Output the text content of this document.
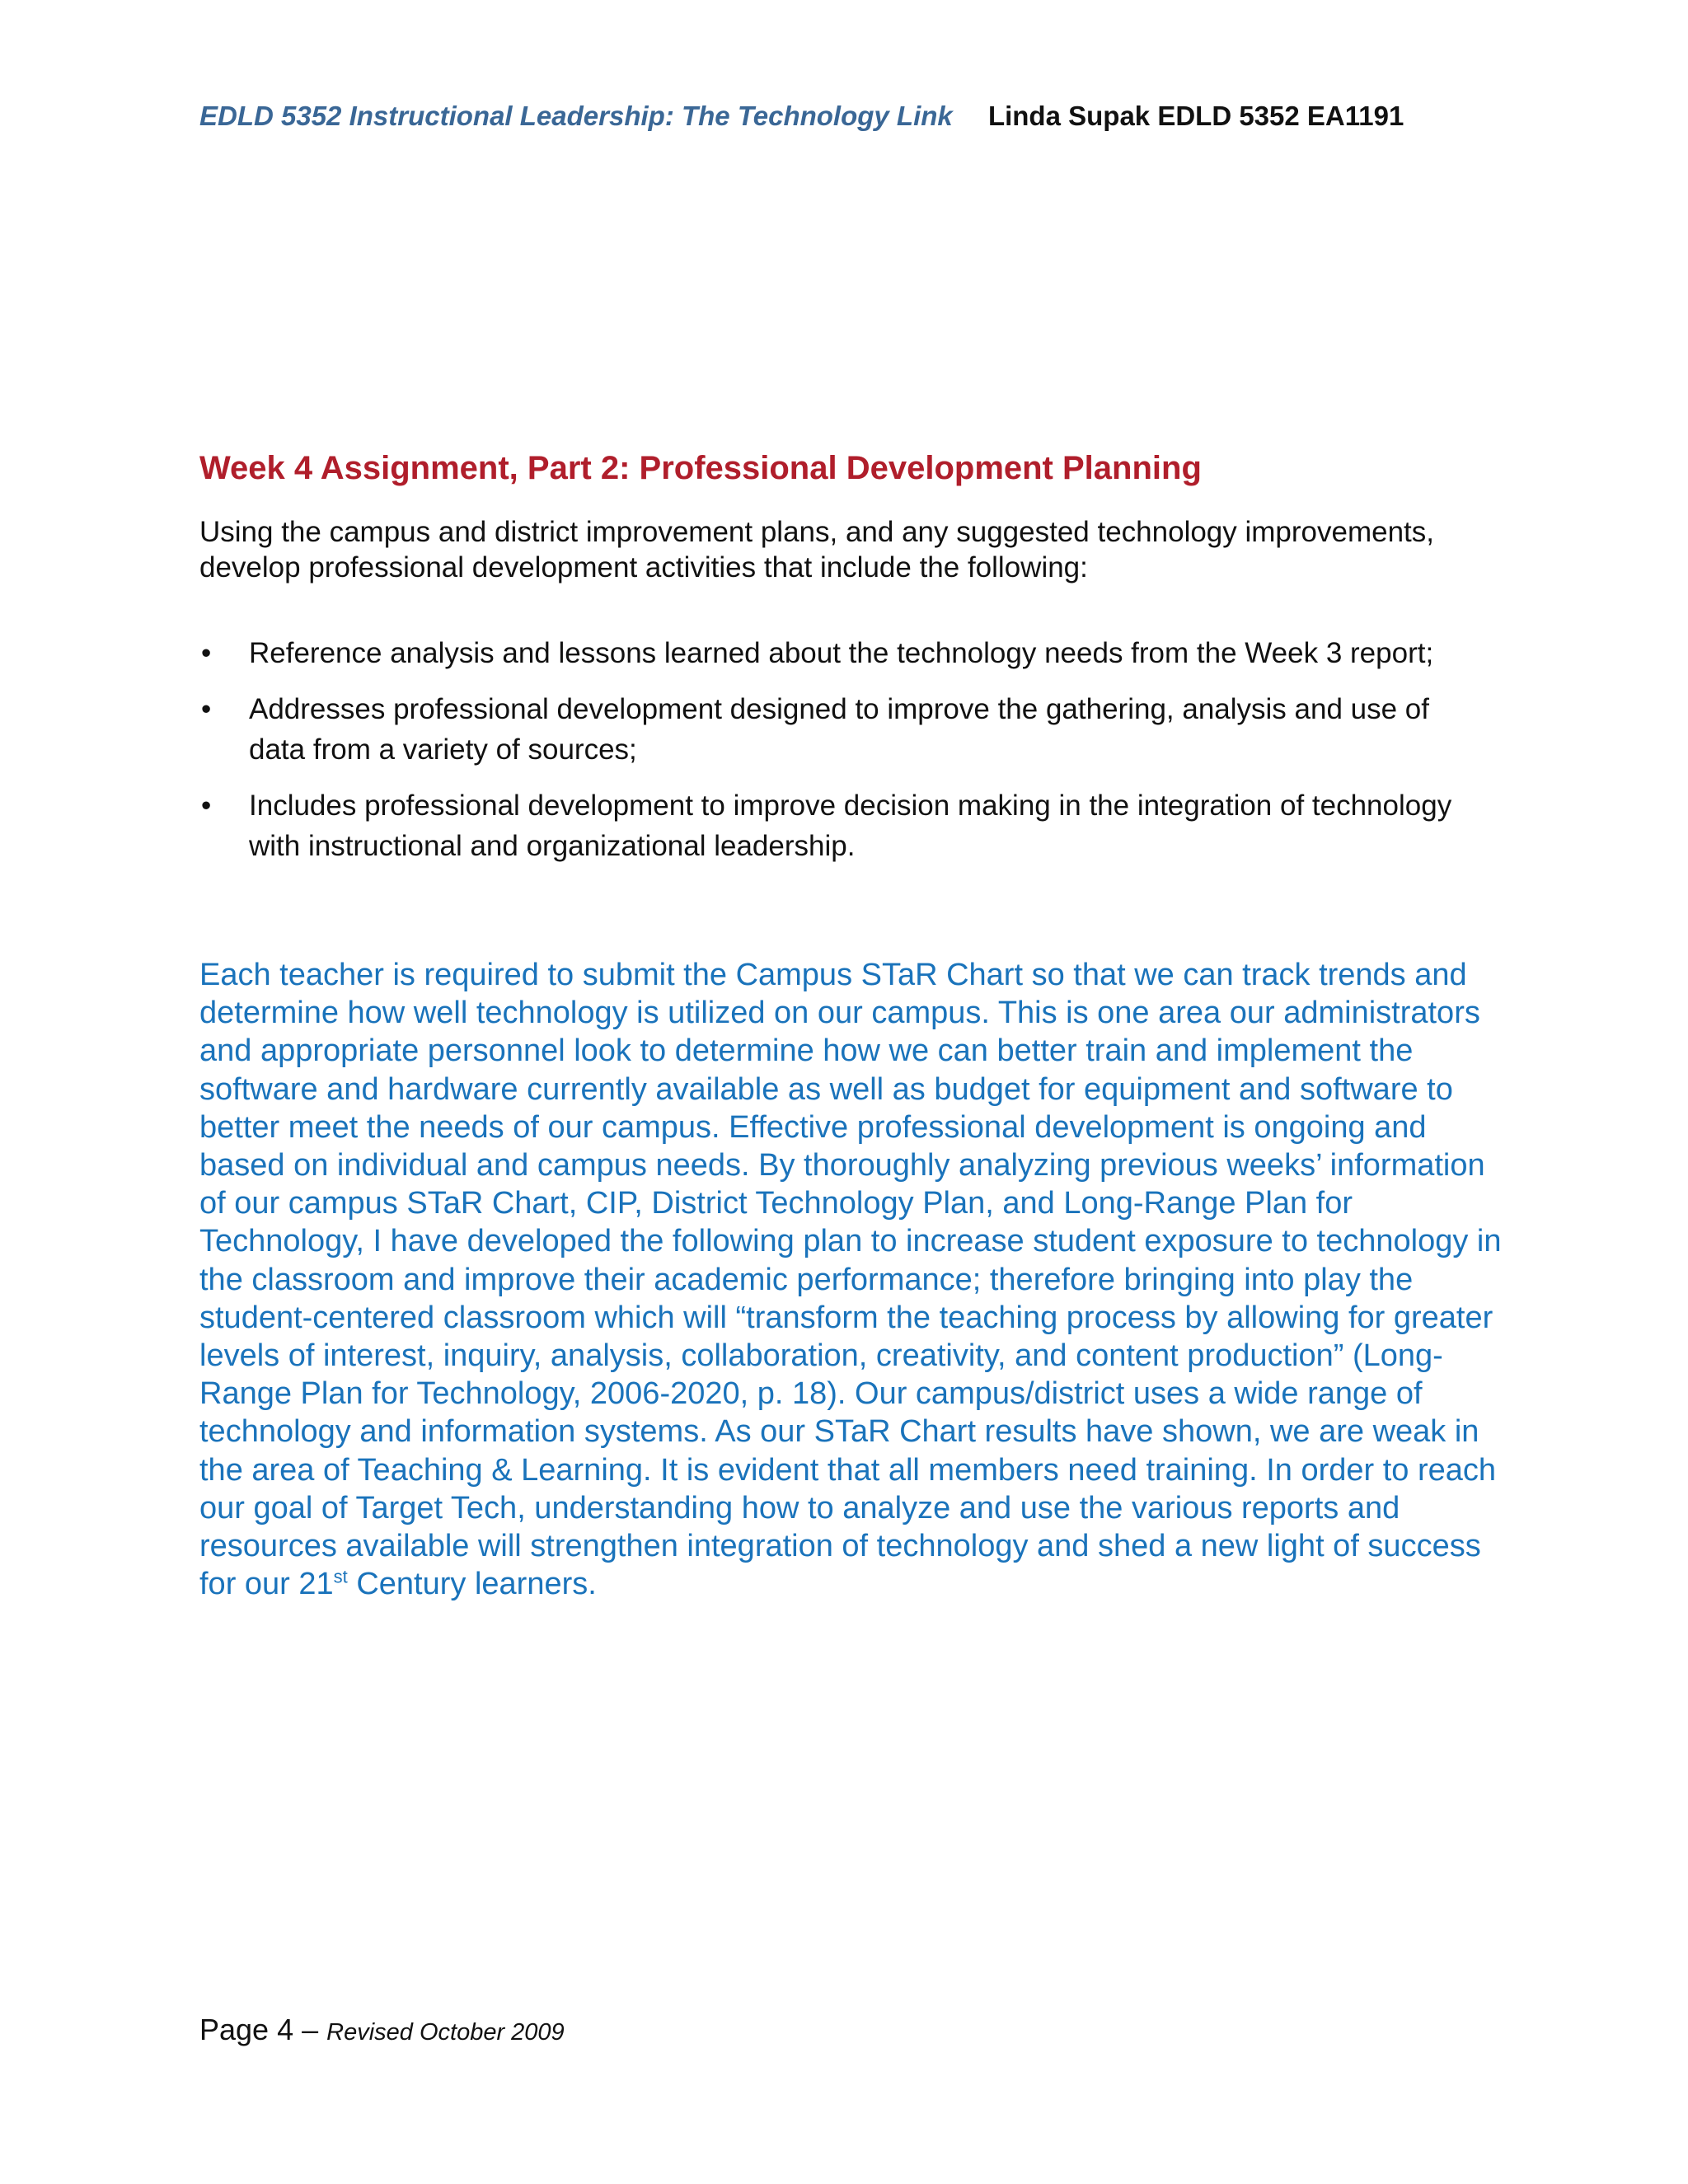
EDLD 5352 Instructional Leadership: The Technology Link Linda Supak EDLD 5352 EA1191
Week 4 Assignment, Part 2: Professional Development Planning

Using the campus and district improvement plans, and any suggested technology improvements, develop professional development activities that include the following:

• Reference analysis and lessons learned about the technology needs from the Week 3 report;
• Addresses professional development designed to improve the gathering, analysis and use of data from a variety of sources;
• Includes professional development to improve decision making in the integration of technology with instructional and organizational leadership.

Each teacher is required to submit the Campus STaR Chart so that we can track trends and determine how well technology is utilized on our campus. This is one area our administrators and appropriate personnel look to determine how we can better train and implement the software and hardware currently available as well as budget for equipment and software to better meet the needs of our campus. Effective professional development is ongoing and based on individual and campus needs. By thoroughly analyzing previous weeks’ information of our campus STaR Chart, CIP, District Technology Plan, and Long-Range Plan for Technology, I have developed the following plan to increase student exposure to technology in the classroom and improve their academic performance; therefore bringing into play the student-centered classroom which will “transform the teaching process by allowing for greater levels of interest, inquiry, analysis, collaboration, creativity, and content production” (Long-Range Plan for Technology, 2006-2020, p. 18). Our campus/district uses a wide range of technology and information systems. As our STaR Chart results have shown, we are weak in the area of Teaching & Learning. It is evident that all members need training. In order to reach our goal of Target Tech, understanding how to analyze and use the various reports and resources available will strengthen integration of technology and shed a new light of success for our 21st Century learners.

Page 4 – Revised October 2009
